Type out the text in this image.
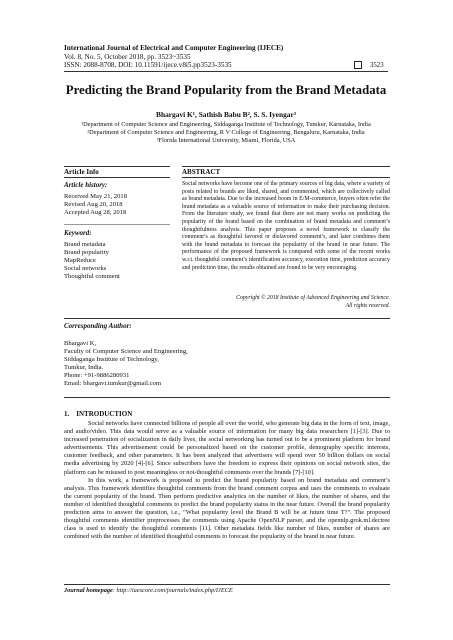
International Journal of Electrical and Computer Engineering (IJECE)
Vol. 8, No. 5, October 2018, pp. 3523~3535
ISSN: 2088-8708, DOI: 10.11591/ijece.v8i5.pp3523-3535	3523
Predicting the Brand Popularity from the Brand Metadata
Bhargavi K¹, Sathish Babu B², S. S. Iyengar³
¹Department of Computer Science and Engineering, Siddaganga Institute of Technology, Tumkur, Karnataka, India
²Department of Computer Science and Engineering, R V College of Engineering, Bengaluru, Karnataka, India
³Florida International University, Miami, Florida, USA
Article Info
Article history:
Received May 21, 2018
Revised Aug 20, 2018
Accepted Aug 28, 2018
Keyword:
Brand metadata
Brand popularity
MapReduce
Social networks
Thoughtful comment
ABSTRACT
Social networks have become one of the primary sources of big data, where a variety of posts related to brands are liked, shared, and commented, which are collectively called as brand metadata. Due to the increased boom in E/M-commerce, buyers often refer the brand metadata as a valuable source of information to make their purchasing decision. From the literature study, we found that there are not many works on predicting the popularity of the brand based on the combination of brand metadata and comment’s thoughtfulness analysis. This paper proposes a novel framework to classify the comment’s as thoughtful favored or disfavored comment’s, and later combines them with the brand metadata to forecast the popularity of the brand in near future. The performance of the proposed framework is compared with some of the recent works w.r.t. thoughtful comment’s identification accuracy, execution time, prediction accuracy and prediction time, the results obtained are found to be very encouraging.
Copyright © 2018 Institute of Advanced Engineering and Science.
All rights reserved.
Corresponding Author:
Bhargavi K,
Faculty of Computer Science and Engineering,
Siddaganga Institute of Technology,
Tumkur, India.
Phone: +91-9886280931
Email: bhargavi.tumkur@gmail.com
1.    INTRODUCTION

Social networks have connected billions of people all over the world, who generate big data in the form of text, image, and audio/video. This data would serve as a valuable source of information for many big data researchers [1]-[3]. Due to increased penetration of socialization in daily lives, the social networking has turned out to be a prominent platform for brand advertisements. This advertisement could be personalized based on the customer profile, demography specific interests, customer feedback, and other parameters. It has been analyzed that advertisers will spend over 50 billion dollars on social media advertising by 2020 [4]-[6]. Since subscribers have the freedom to express their opinions on social network sites, the platform can be misused to post meaningless or not-thoughtful comments over the brands [7]-[10].

In this work, a framework is proposed to predict the brand popularity based on brand metadata and comment’s analysis. This framework identifies thoughtful comments from the brand comment corpus and uses the comments to evaluate the current popularity of the brand. Then perform predictive analytics on the number of likes, the number of shares, and the number of identified thoughtful comments to predict the brand popularity status in the near future. Overall the brand popularity prediction aims to answer the question, i.e., "What popularity level the Brand B will be at future time T?". The proposed thoughtful comments identifier preprocesses the comments using Apache OpenNLP parser, and the opennlp.grok.ml.dectree class is used to identify the thoughtful comments [11]. Other metadata fields like number of likes, number of shares are combined with the number of identified thoughtful comments to forecast the popularity of the brand in near future.

Journal homepage: http://iaescore.com/journals/index.php/IJECE
